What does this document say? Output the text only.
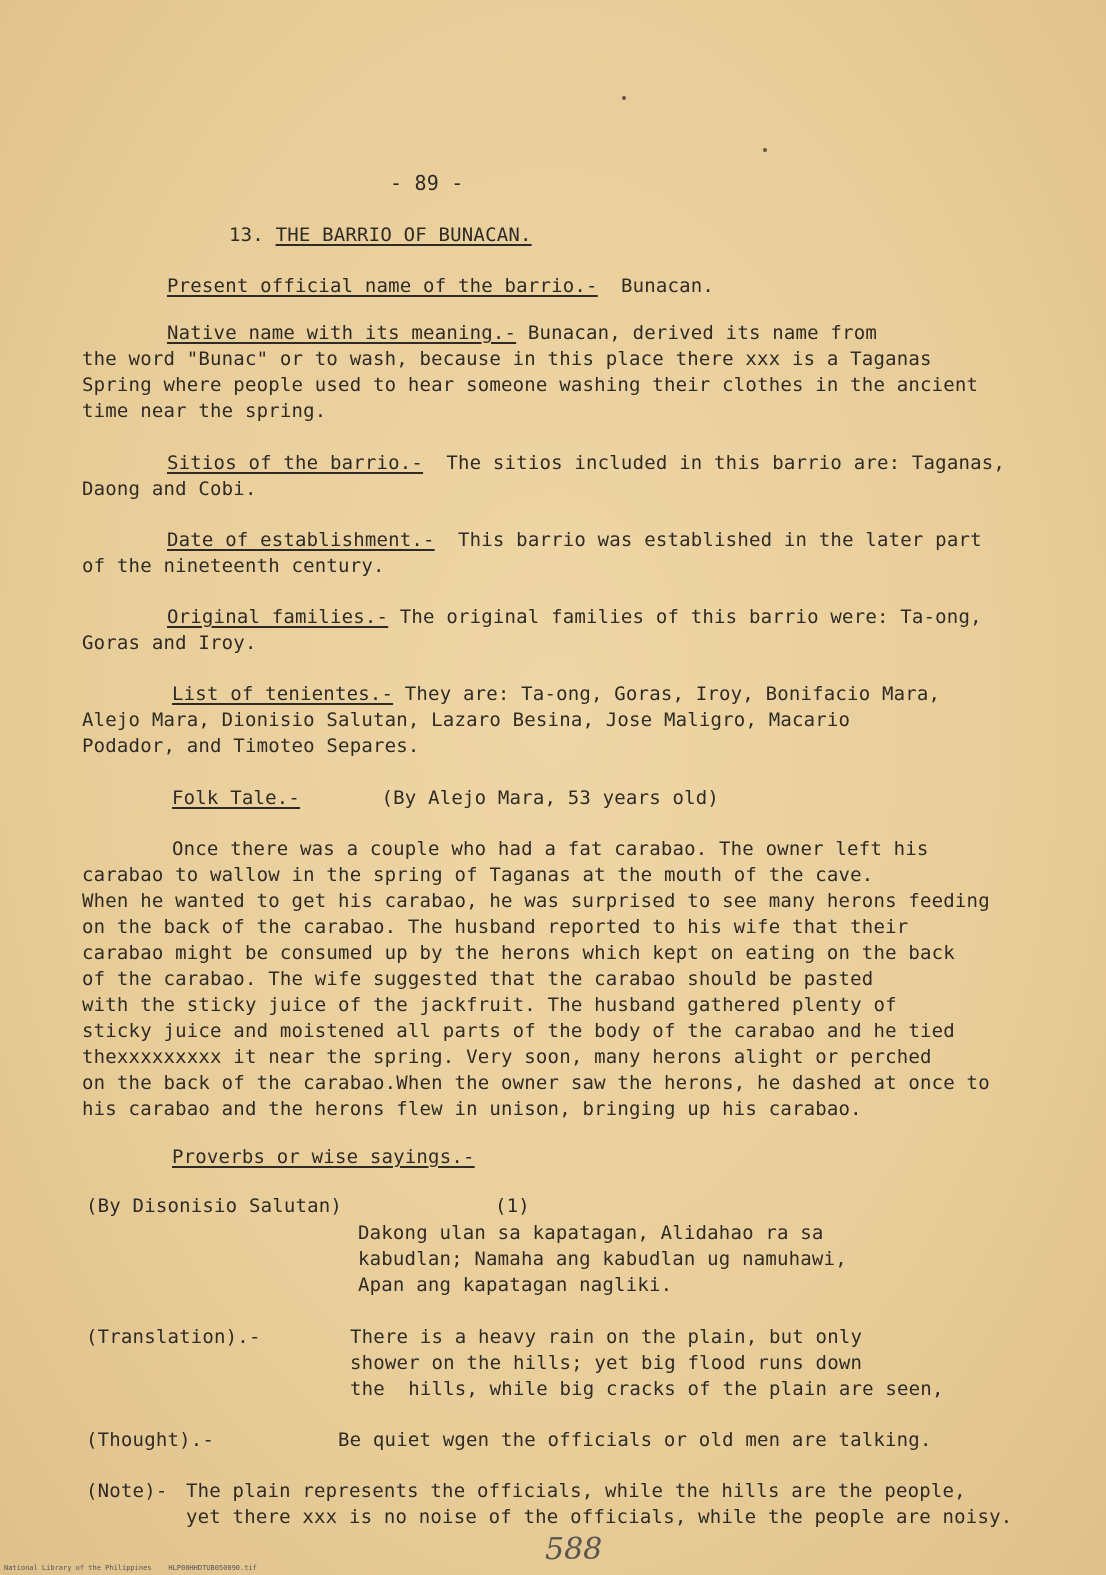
- 89 -
13. THE BARRIO OF BUNACAN.
Present official name of the barrio.- Bunacan.
Native name with its meaning.- Bunacan, derived its name from
the word "Bunac" or to wash, because in this place there xxx is a Taganas
Spring where people used to hear someone washing their clothes in the ancient
time near the spring.
Sitios of the barrio.- The sitios included in this barrio are: Taganas,
Daong and Cobi.
Date of establishment.- This barrio was established in the later part
of the nineteenth century.
Original families.- The original families of this barrio were: Ta-ong,
Goras and Iroy.
List of tenientes.- They are: Ta-ong, Goras, Iroy, Bonifacio Mara,
Alejo Mara, Dionisio Salutan, Lazaro Besina, Jose Maligro, Macario
Podador, and Timoteo Separes.
Folk Tale.-	(By Alejo Mara, 53 years old)
Once there was a couple who had a fat carabao. The owner left his
carabao to wallow in the spring of Taganas at the mouth of the cave.
When he wanted to get his carabao, he was surprised to see many herons feeding
on the back of the carabao. The husband reported to his wife that their
carabao might be consumed up by the herons which kept on eating on the back
of the carabao. The wife suggested that the carabao should be pasted
with the sticky juice of the jackfruit. The husband gathered plenty of
sticky juice and moistened all parts of the body of the carabao and he tied
thexxxxxxxxx it near the spring. Very soon, many herons alight or perched
on the back of the carabao.When the owner saw the herons, he dashed at once to
his carabao and the herons flew in unison, bringing up his carabao.
Proverbs or wise sayings.-
(By Disonisio Salutan)	(1)
Dakong ulan sa kapatagan, Alidahao ra sa
kabudlan; Namaha ang kabudlan ug namuhawi,
Apan ang kapatagan nagliki.
(Translation).-	There is a heavy rain on the plain, but only
shower on the hills; yet big flood runs down
the  hills, while big cracks of the plain are seen,
(Thought).-	Be quiet wgen the officials or old men are talking.
(Note)- The plain represents the officials, while the hills are the people,
yet there xxx is no noise of the officials, while the people are noisy.
588
National Library of the Philippines    HLP00HHDTUB050090.tif
